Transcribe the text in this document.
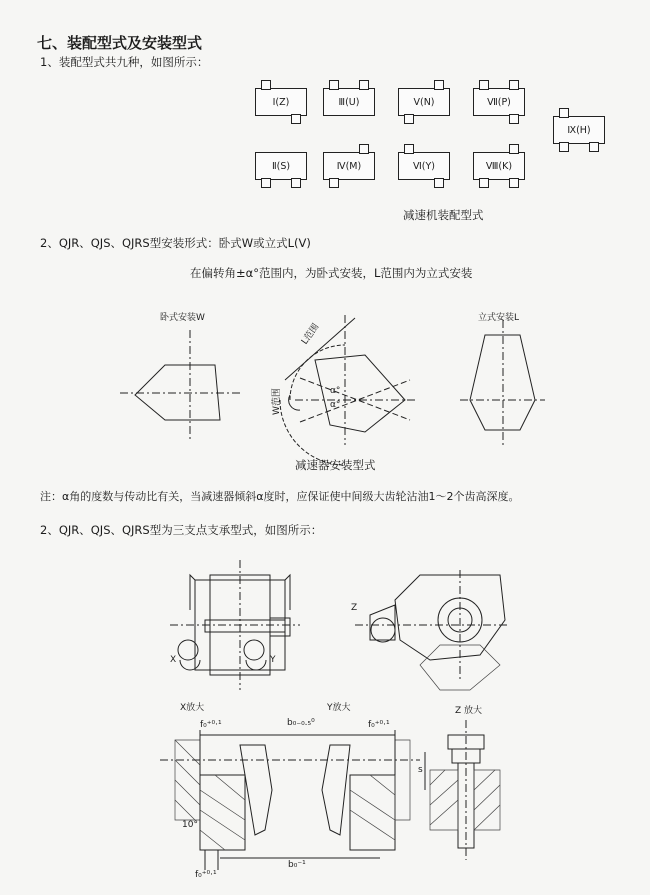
七、装配型式及安装型式
1、装配型式共九种，如图所示：
Ⅰ(Z)	Ⅲ(U)	Ⅴ(N)	Ⅶ(P)
Ⅸ(H)
Ⅱ(S)	Ⅳ(M)	Ⅵ(Y)	Ⅷ(K)
减速机装配型式
2、QJR、QJS、QJRS型安装形式：卧式W或立式L(V)
在偏转角±α°范围内，为卧式安装，L范围内为立式安装
卧式安装W	立式安装L
L范围
W范围	α°
α°
减速器安装型式
注：α角的度数与传动比有关，当减速器倾斜α度时，应保证使中间级大齿轮沾油1～2个齿高深度。
2、QJR、QJS、QJRS型为三支点支承型式，如图所示：
X	Y
Z
X放大	Y放大	Z 放大
f₀⁺⁰·¹	b₀₋₀.₅⁰	f₀⁺⁰·¹
s
10°
f₀⁺⁰·¹
b₀⁻¹
